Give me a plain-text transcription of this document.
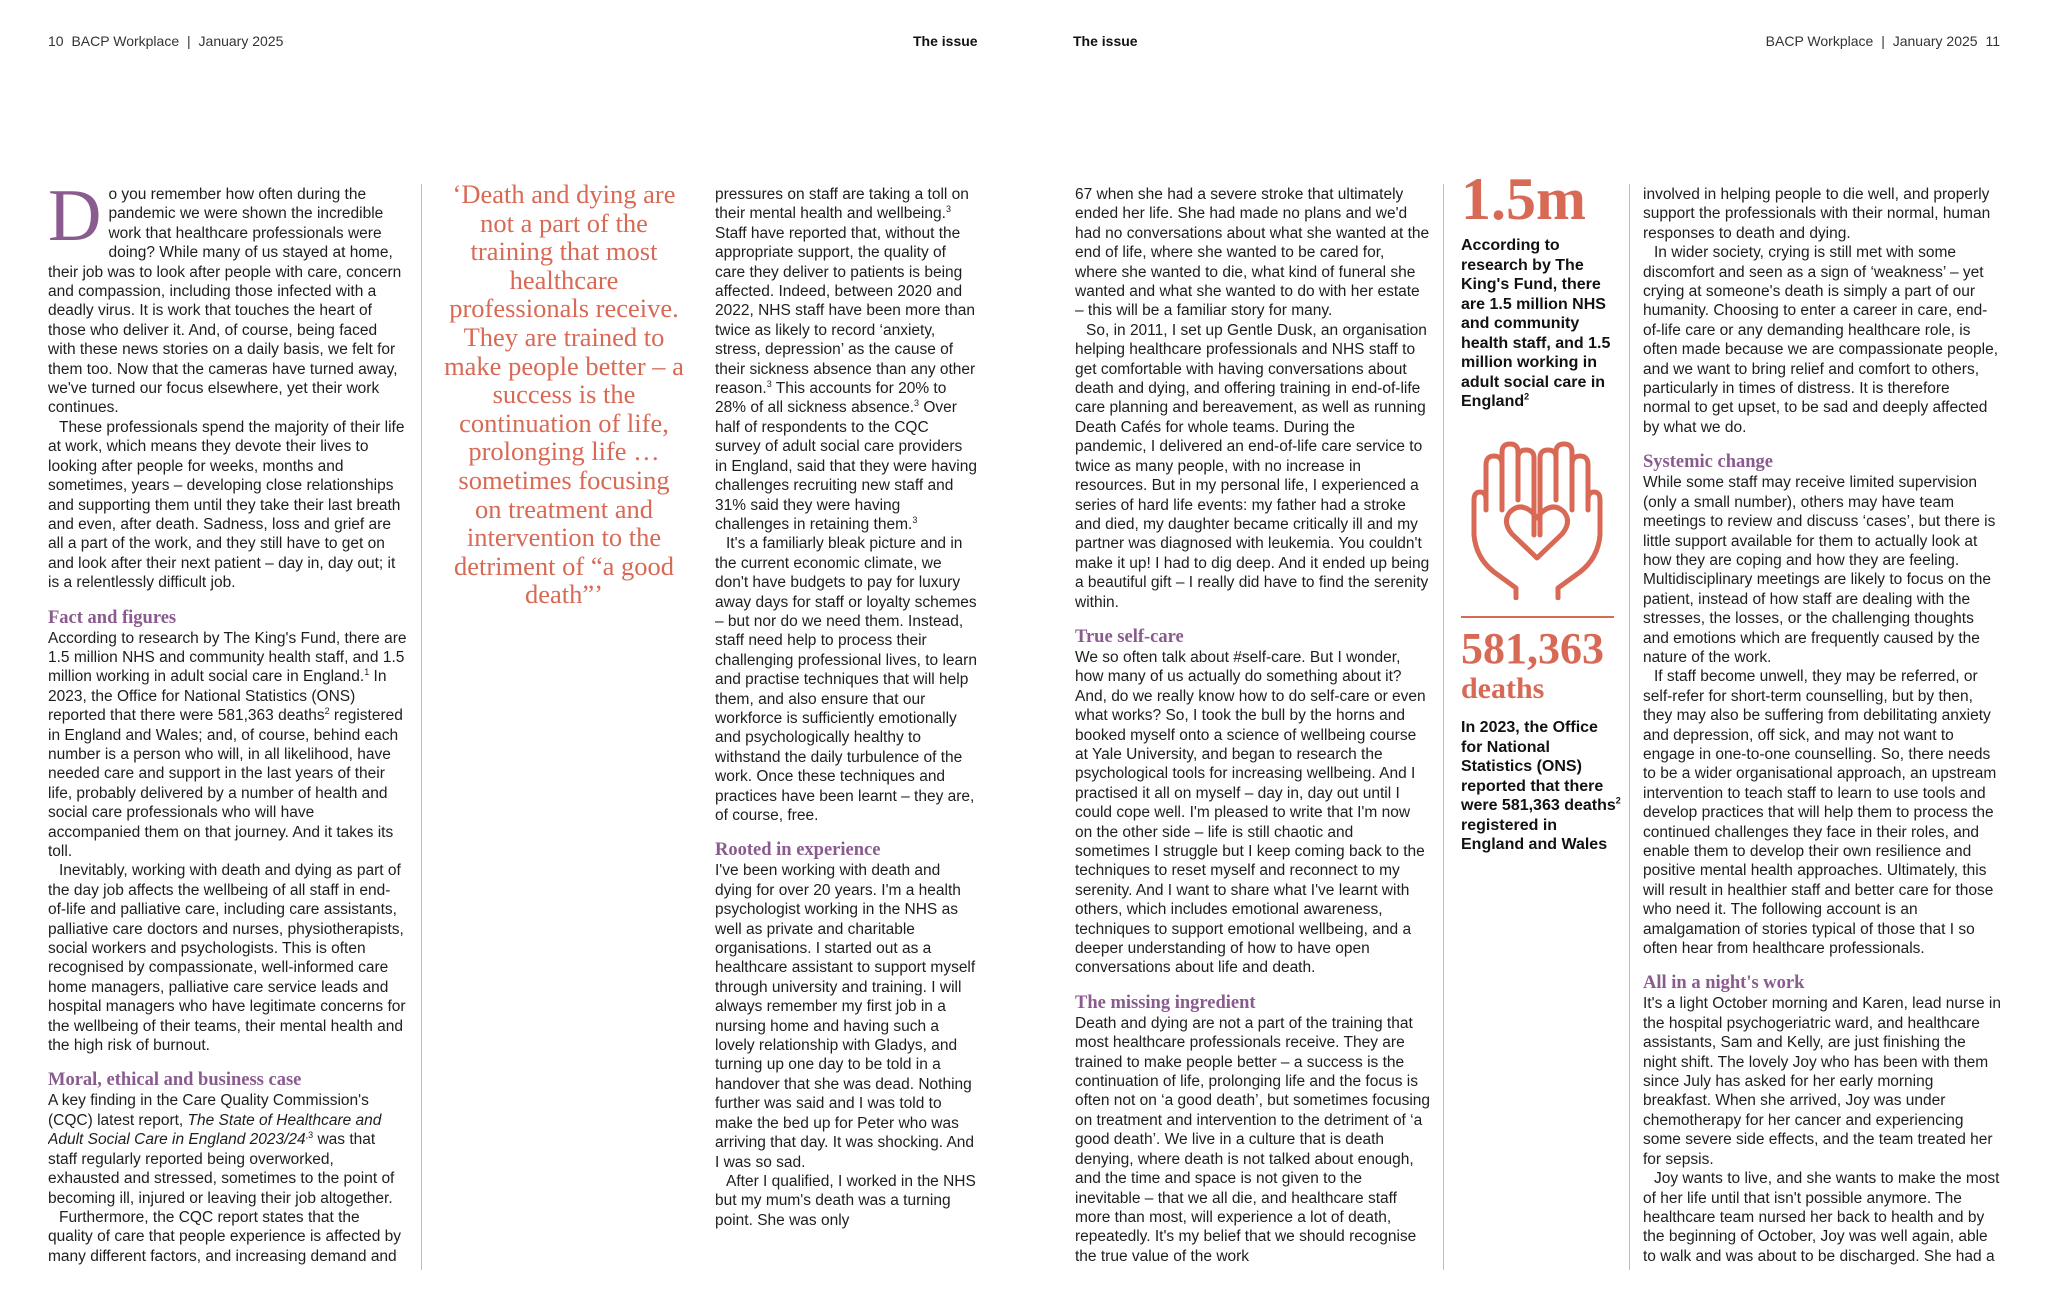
10 BACP Workplace | January 2025	The issue	The issue	BACP Workplace | January 2025 11

Do you remember how often during the pandemic we were shown the incredible work that healthcare professionals were doing? While many of us stayed at home, their job was to look after people with care, concern and compassion, including those infected with a deadly virus. It is work that touches the heart of those who deliver it. And, of course, being faced with these news stories on a daily basis, we felt for them too. Now that the cameras have turned away, we've turned our focus elsewhere, yet their work continues.

These professionals spend the majority of their life at work, which means they devote their lives to looking after people for weeks, months and sometimes, years – developing close relationships and supporting them until they take their last breath and even, after death. Sadness, loss and grief are all a part of the work, and they still have to get on and look after their next patient – day in, day out; it is a relentlessly difficult job.

Fact and figures

According to research by The King's Fund, there are 1.5 million NHS and community health staff, and 1.5 million working in adult social care in England.$^1$ In 2023, the Office for National Statistics (ONS) reported that there were 581,363 deaths$^2$ registered in England and Wales; and, of course, behind each number is a person who will, in all likelihood, have needed care and support in the last years of their life, probably delivered by a number of health and social care professionals who will have accompanied them on that journey. And it takes its toll.

Inevitably, working with death and dying as part of the day job affects the wellbeing of all staff in end-of-life and palliative care, including care assistants, palliative care doctors and nurses, physiotherapists, social workers and psychologists. This is often recognised by compassionate, well-informed care home managers, palliative care service leads and hospital managers who have legitimate concerns for the wellbeing of their teams, their mental health and the high risk of burnout.

Moral, ethical and business case

A key finding in the Care Quality Commission's (CQC) latest report, The State of Healthcare and Adult Social Care in England $2023/24^{,3}$ was that staff regularly reported being overworked, exhausted and stressed, sometimes to the point of becoming ill, injured or leaving their job altogether.

Furthermore, the CQC report states that the quality of care that people experience is affected by many different factors, and increasing demand and

‘Death and dying are not a part of the training that most healthcare professionals receive. They are trained to make people better – a success is the continuation of life, prolonging life … sometimes focusing on treatment and intervention to the detriment of “a good death”’

pressures on staff are taking a toll on their mental health and wellbeing.$^3$ Staff have reported that, without the appropriate support, the quality of care they deliver to patients is being affected. Indeed, between 2020 and 2022, NHS staff have been more than twice as likely to record ‘anxiety, stress, depression’ as the cause of their sickness absence than any other reason.$^3$ This accounts for 20% to 28% of all sickness absence.$^3$ Over half of respondents to the CQC survey of adult social care providers in England, said that they were having challenges recruiting new staff and 31% said they were having challenges in retaining them.$^3$

It's a familiarly bleak picture and in the current economic climate, we don't have budgets to pay for luxury away days for staff or loyalty schemes – but nor do we need them. Instead, staff need help to process their challenging professional lives, to learn and practise techniques that will help them, and also ensure that our workforce is sufficiently emotionally and psychologically healthy to withstand the daily turbulence of the work. Once these techniques and practices have been learnt – they are, of course, free.

Rooted in experience

I've been working with death and dying for over 20 years. I'm a health psychologist working in the NHS as well as private and charitable organisations. I started out as a healthcare assistant to support myself through university and training. I will always remember my first job in a nursing home and having such a lovely relationship with Gladys, and turning up one day to be told in a handover that she was dead. Nothing further was said and I was told to make the bed up for Peter who was arriving that day. It was shocking. And I was so sad.

After I qualified, I worked in the NHS but my mum's death was a turning point. She was only

67 when she had a severe stroke that ultimately ended her life. She had made no plans and we'd had no conversations about what she wanted at the end of life, where she wanted to be cared for, where she wanted to die, what kind of funeral she wanted and what she wanted to do with her estate – this will be a familiar story for many.

So, in 2011, I set up Gentle Dusk, an organisation helping healthcare professionals and NHS staff to get comfortable with having conversations about death and dying, and offering training in end-of-life care planning and bereavement, as well as running Death Cafés for whole teams. During the pandemic, I delivered an end-of-life care service to twice as many people, with no increase in resources. But in my personal life, I experienced a series of hard life events: my father had a stroke and died, my daughter became critically ill and my partner was diagnosed with leukemia. You couldn't make it up! I had to dig deep. And it ended up being a beautiful gift – I really did have to find the serenity within.

True self-care

We so often talk about #self-care. But I wonder, how many of us actually do something about it? And, do we really know how to do self-care or even what works? So, I took the bull by the horns and booked myself onto a science of wellbeing course at Yale University, and began to research the psychological tools for increasing wellbeing. And I practised it all on myself – day in, day out until I could cope well. I'm pleased to write that I'm now on the other side – life is still chaotic and sometimes I struggle but I keep coming back to the techniques to reset myself and reconnect to my serenity. And I want to share what I've learnt with others, which includes emotional awareness, techniques to support emotional wellbeing, and a deeper understanding of how to have open conversations about life and death.

The missing ingredient

Death and dying are not a part of the training that most healthcare professionals receive. They are trained to make people better – a success is the continuation of life, prolonging life and the focus is often not on ‘a good death’, but sometimes focusing on treatment and intervention to the detriment of ‘a good death’. We live in a culture that is death denying, where death is not talked about enough, and the time and space is not given to the inevitable – that we all die, and healthcare staff more than most, will experience a lot of death, repeatedly. It's my belief that we should recognise the true value of the work

1.5m
According to research by The King's Fund, there are 1.5 million NHS and community health staff, and 1.5 million working in adult social care in England$^2$
581,363
deaths
In 2023, the Office for National Statistics (ONS) reported that there were 581,363 deaths$^2$ registered in England and Wales

involved in helping people to die well, and properly support the professionals with their normal, human responses to death and dying.

In wider society, crying is still met with some discomfort and seen as a sign of ‘weakness’ – yet crying at someone's death is simply a part of our humanity. Choosing to enter a career in care, end-of-life care or any demanding healthcare role, is often made because we are compassionate people, and we want to bring relief and comfort to others, particularly in times of distress. It is therefore normal to get upset, to be sad and deeply affected by what we do.

Systemic change

While some staff may receive limited supervision (only a small number), others may have team meetings to review and discuss ‘cases’, but there is little support available for them to actually look at how they are coping and how they are feeling. Multidisciplinary meetings are likely to focus on the patient, instead of how staff are dealing with the stresses, the losses, or the challenging thoughts and emotions which are frequently caused by the nature of the work.

If staff become unwell, they may be referred, or self-refer for short-term counselling, but by then, they may also be suffering from debilitating anxiety and depression, off sick, and may not want to engage in one-to-one counselling. So, there needs to be a wider organisational approach, an upstream intervention to teach staff to learn to use tools and develop practices that will help them to process the continued challenges they face in their roles, and enable them to develop their own resilience and positive mental health approaches. Ultimately, this will result in healthier staff and better care for those who need it. The following account is an amalgamation of stories typical of those that I so often hear from healthcare professionals.

All in a night's work

It's a light October morning and Karen, lead nurse in the hospital psychogeriatric ward, and healthcare assistants, Sam and Kelly, are just finishing the night shift. The lovely Joy who has been with them since July has asked for her early morning breakfast. When she arrived, Joy was under chemotherapy for her cancer and experiencing some severe side effects, and the team treated her for sepsis.

Joy wants to live, and she wants to make the most of her life until that isn't possible anymore. The healthcare team nursed her back to health and by the beginning of October, Joy was well again, able to walk and was about to be discharged. She had a
